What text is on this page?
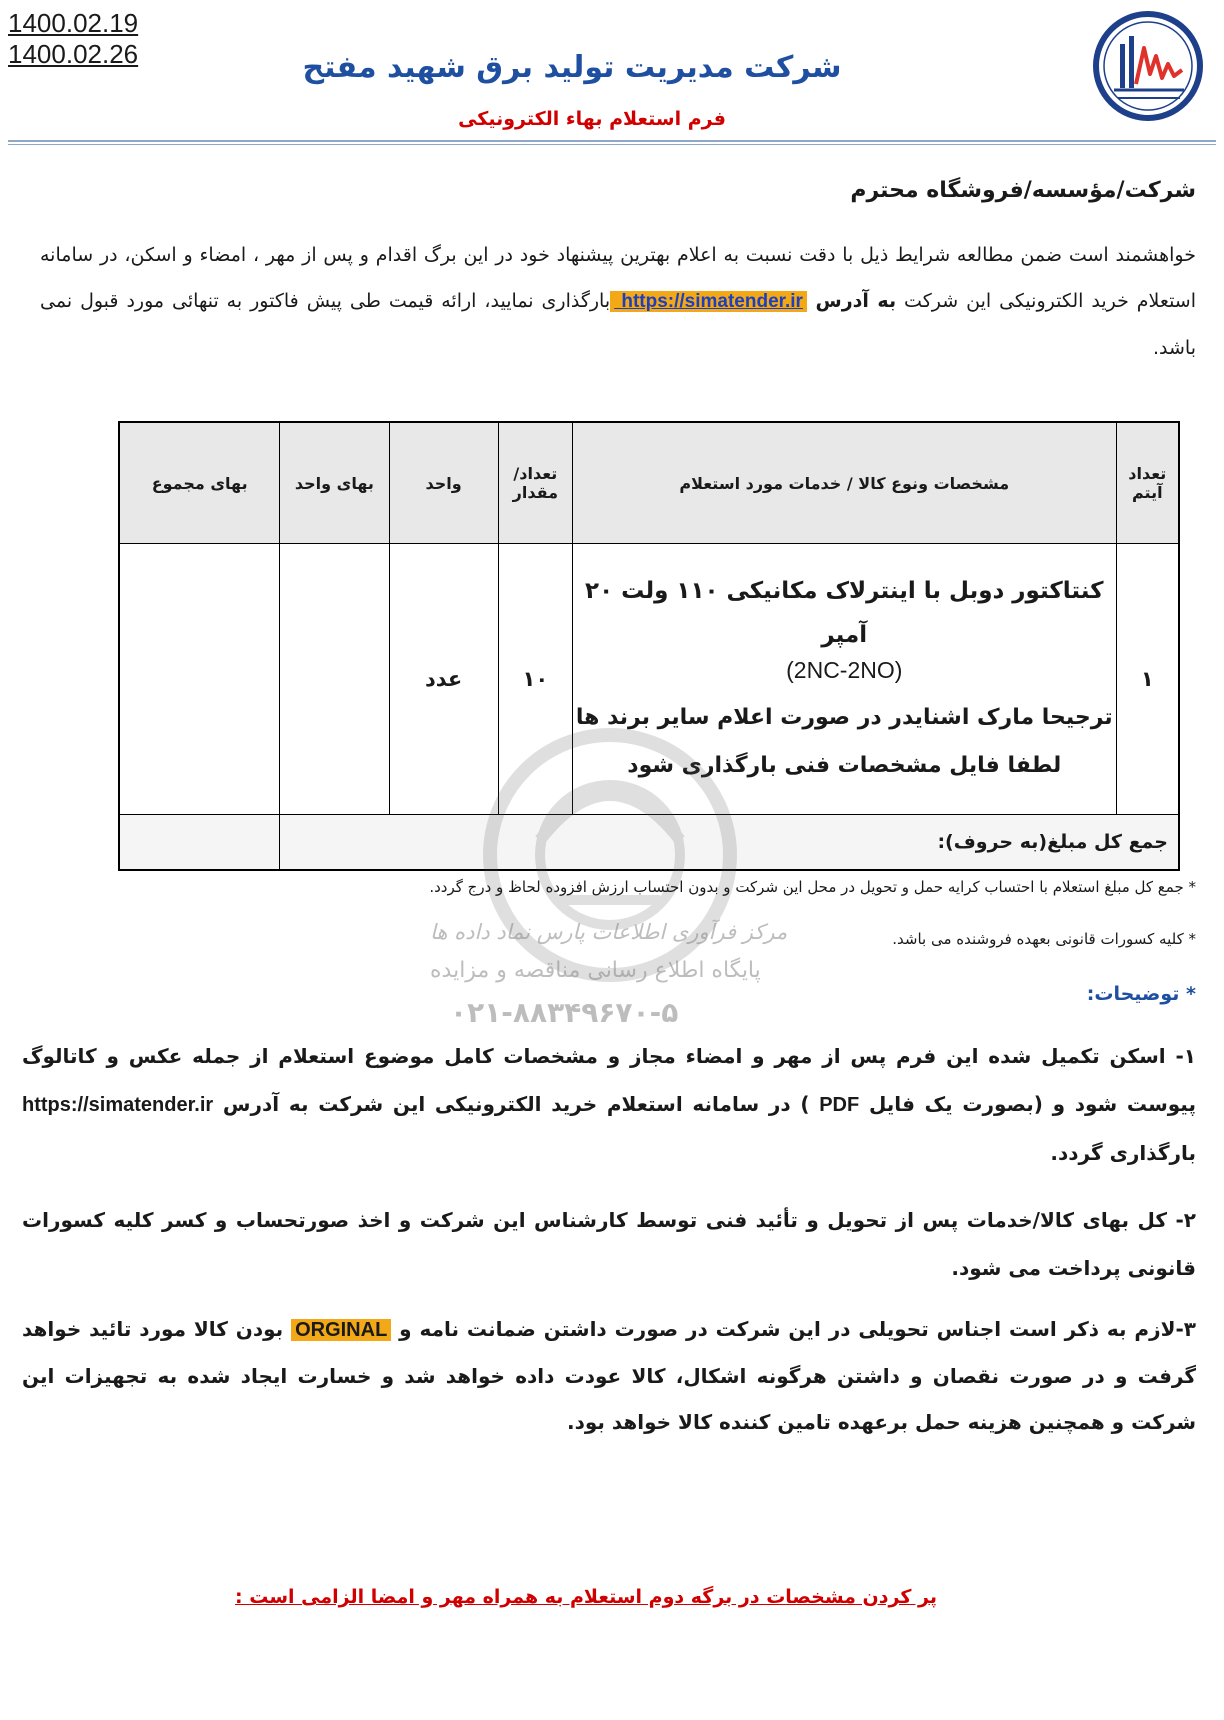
1400.02.19
1400.02.26	شرکت مدیریت تولید برق شهید مفتح
فرم استعلام بهاء الکترونیکی
شرکت/مؤسسه/فروشگاه محترم
خواهشمند است ضمن مطالعه شرایط ذیل با دقت نسبت به اعلام بهترین پیشنهاد خود در این برگ اقدام و پس از مهر ، امضاء و اسکن، در سامانه استعلام خرید الکترونیکی این شرکت به آدرس https://simatender.ir بارگذاری نمایید، ارائه قیمت طی پیش فاکتور به تنهائی مورد قبول نمی باشد.
تعداد آیتم	مشخصات ونوع کالا / خدمات مورد استعلام	تعداد/ مقدار	واحد	بهای واحد	بهای مجموع
۱	کنتاکتور دوبل با اینترلاک مکانیکی ۱۱۰ ولت ۲۰ آمپر
(2NC-2NO)
ترجیحا مارک اشنایدر در صورت اعلام سایر برند ها لطفا فایل مشخصات فنی بارگذاری شود	۱۰	عدد		
جمع کل مبلغ(به حروف):					
مرکز فرآوری اطلاعات پارس نماد داده ها
پایگاه اطلاع رسانی مناقصه و مزایده
۰۲۱-۸۸۳۴۹۶۷۰-۵
* جمع کل مبلغ استعلام با احتساب کرایه حمل و تحویل در محل این شرکت و بدون احتساب ارزش افزوده لحاظ و درج گردد.
* کلیه کسورات قانونی بعهده فروشنده می باشد.
* توضیحات:
۱- اسکن تکمیل شده این فرم پس از مهر و امضاء مجاز و مشخصات کامل موضوع استعلام از جمله عکس و کاتالوگ پیوست شود و (بصورت یک فایل PDF ) در سامانه استعلام خرید الکترونیکی این شرکت به آدرس https://simatender.ir بارگذاری گردد.
۲- کل بهای کالا/خدمات پس از تحویل و تأئید فنی توسط کارشناس این شرکت و اخذ صورتحساب و کسر کلیه کسورات قانونی پرداخت می شود.
۳-لازم به ذکر است اجناس تحویلی در این شرکت در صورت داشتن ضمانت نامه و ORGINAL بودن کالا مورد تائید خواهد گرفت و در صورت نقصان و داشتن هرگونه اشکال، کالا عودت داده خواهد شد و خسارت ایجاد شده به تجهیزات این شرکت و همچنین هزینه حمل برعهده تامین کننده کالا خواهد بود.
پر کردن مشخصات در برگه دوم استعلام به همراه مهر و امضا الزامی است :
